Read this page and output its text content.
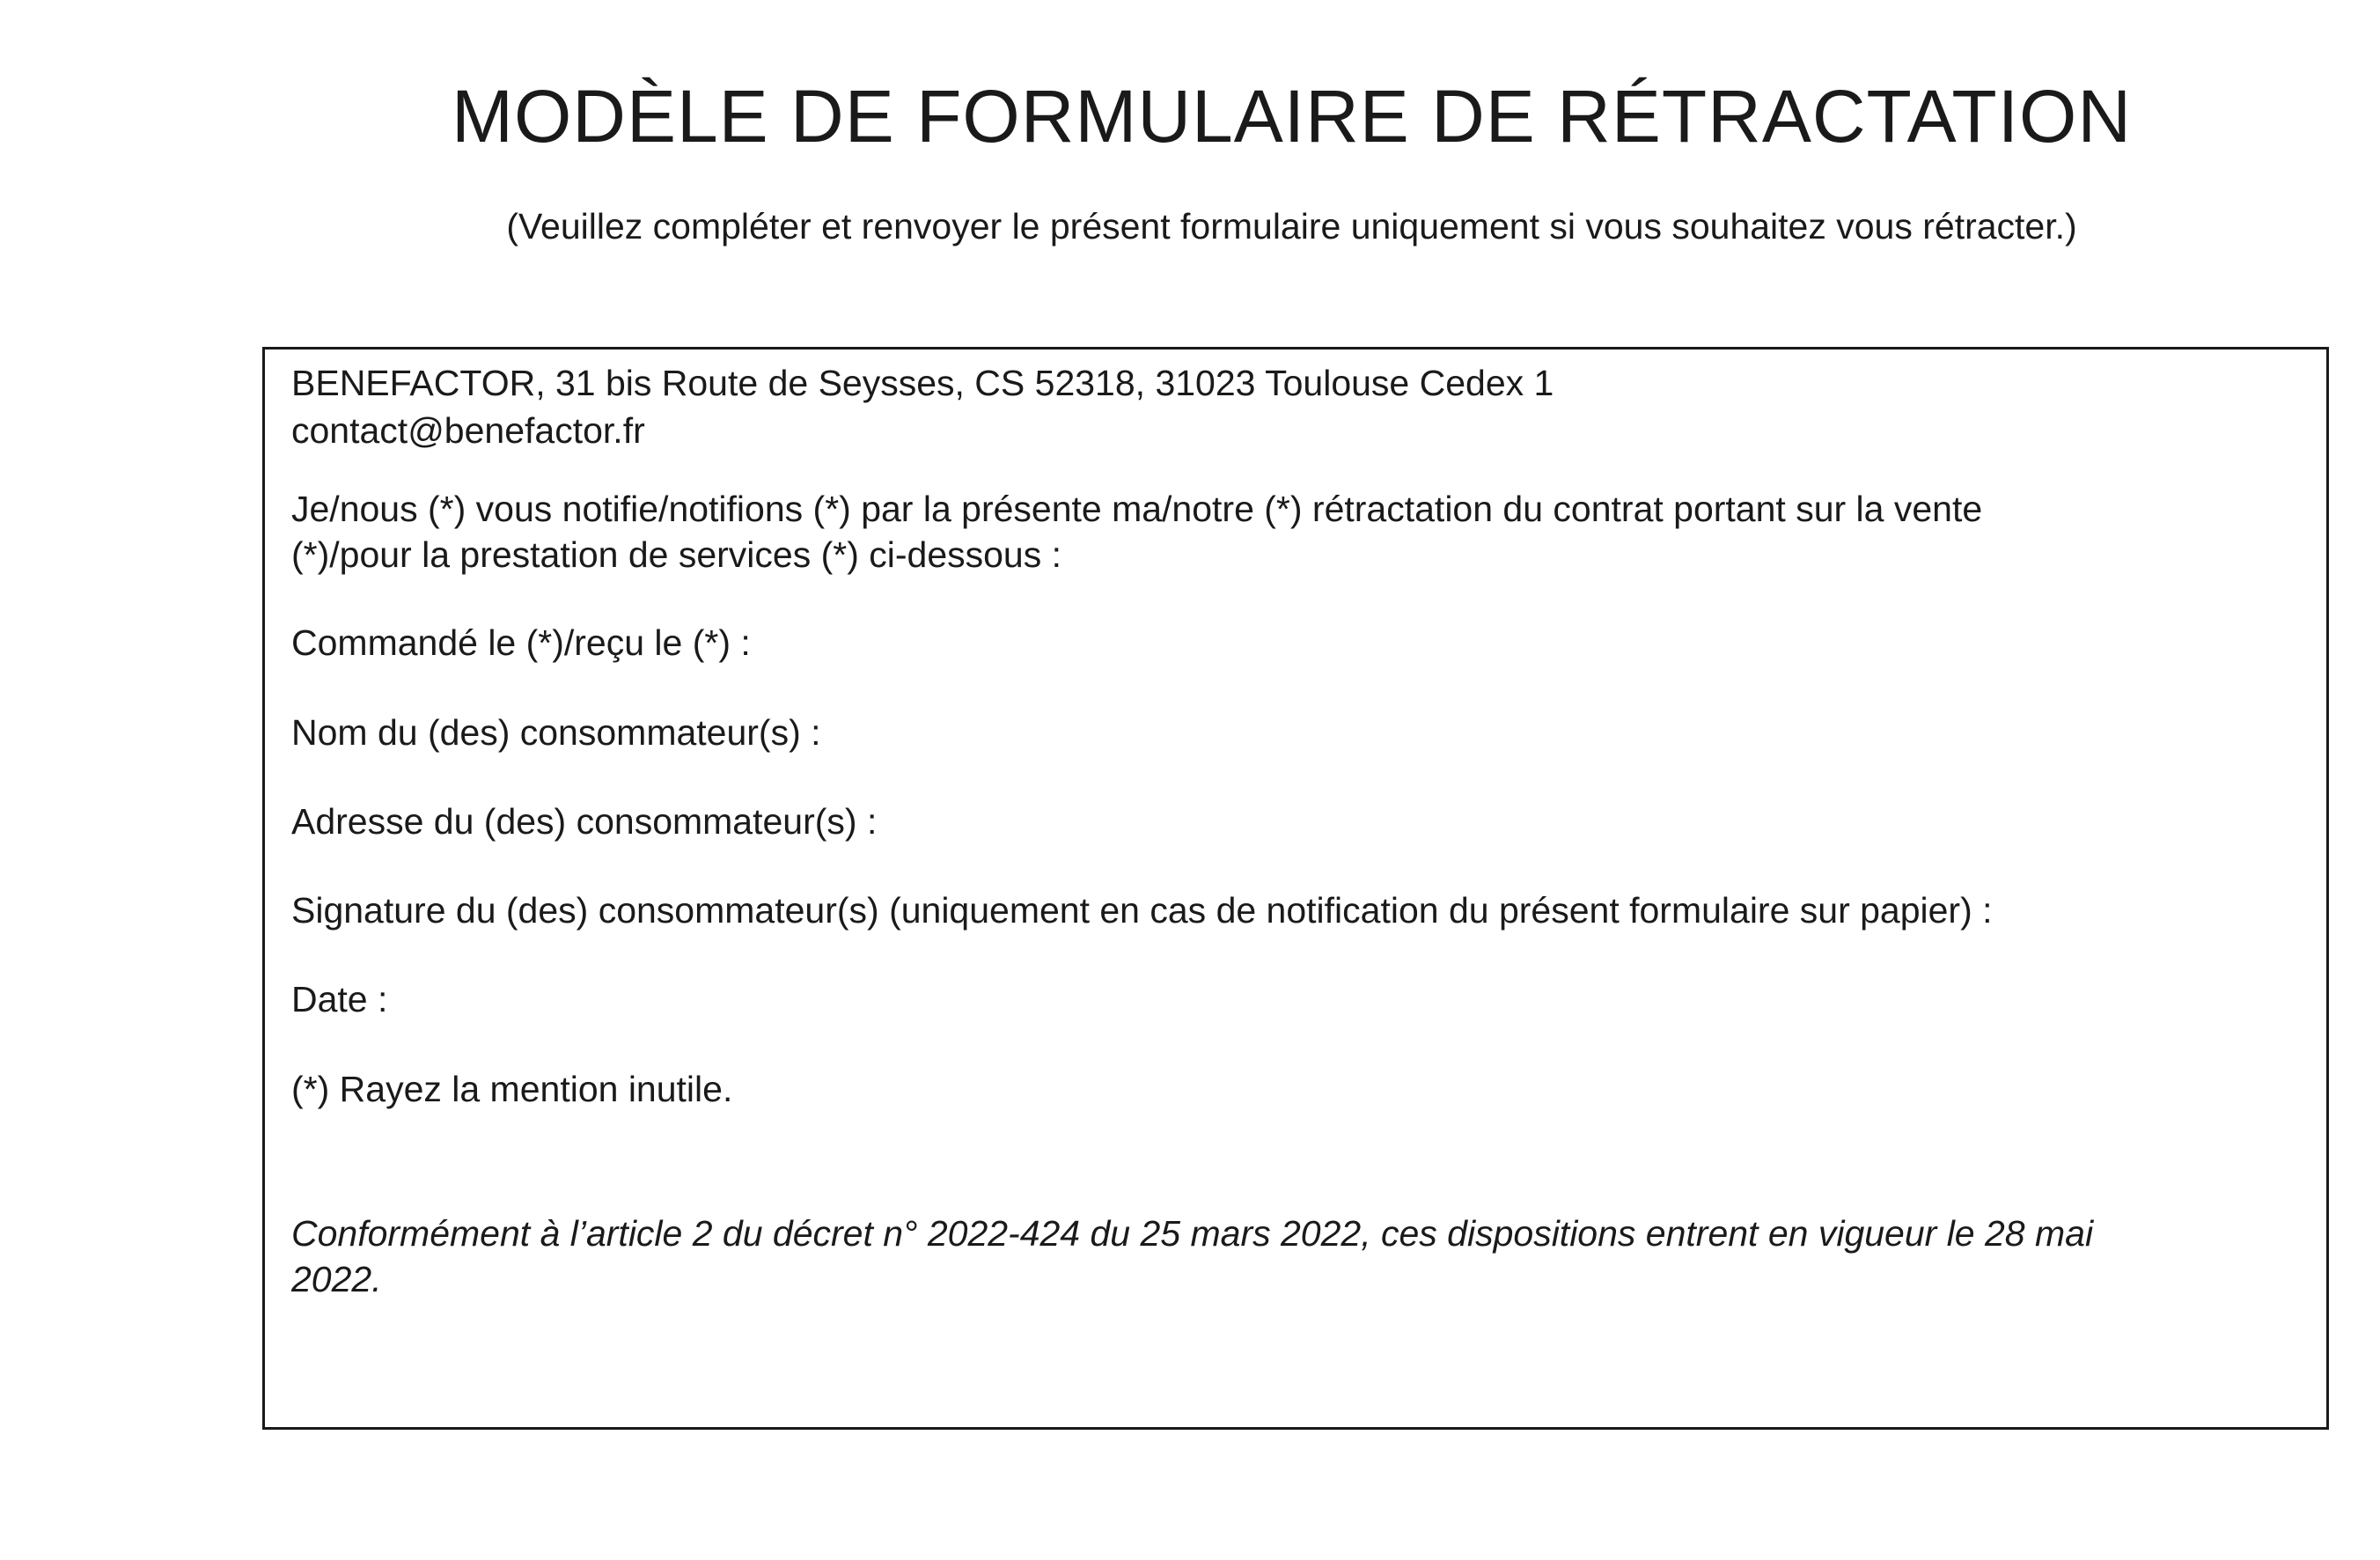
MODÈLE DE FORMULAIRE DE RÉTRACTATION

(Veuillez compléter et renvoyer le présent formulaire uniquement si vous souhaitez vous rétracter.)

BENEFACTOR, 31 bis Route de Seysses, CS 52318, 31023 Toulouse Cedex 1

contact@benefactor.fr

Je/nous (*) vous notifie/notifions (*) par la présente ma/notre (*) rétractation du contrat portant sur la vente

(*)/pour la prestation de services (*) ci-dessous :

Commandé le (*)/reçu le (*) :

Nom du (des) consommateur(s) :

Adresse du (des) consommateur(s) :

Signature du (des) consommateur(s) (uniquement en cas de notification du présent formulaire sur papier) :

Date :

(*) Rayez la mention inutile.

Conformément à l’article 2 du décret n° 2022-424 du 25 mars 2022, ces dispositions entrent en vigueur le 28 mai

2022.
